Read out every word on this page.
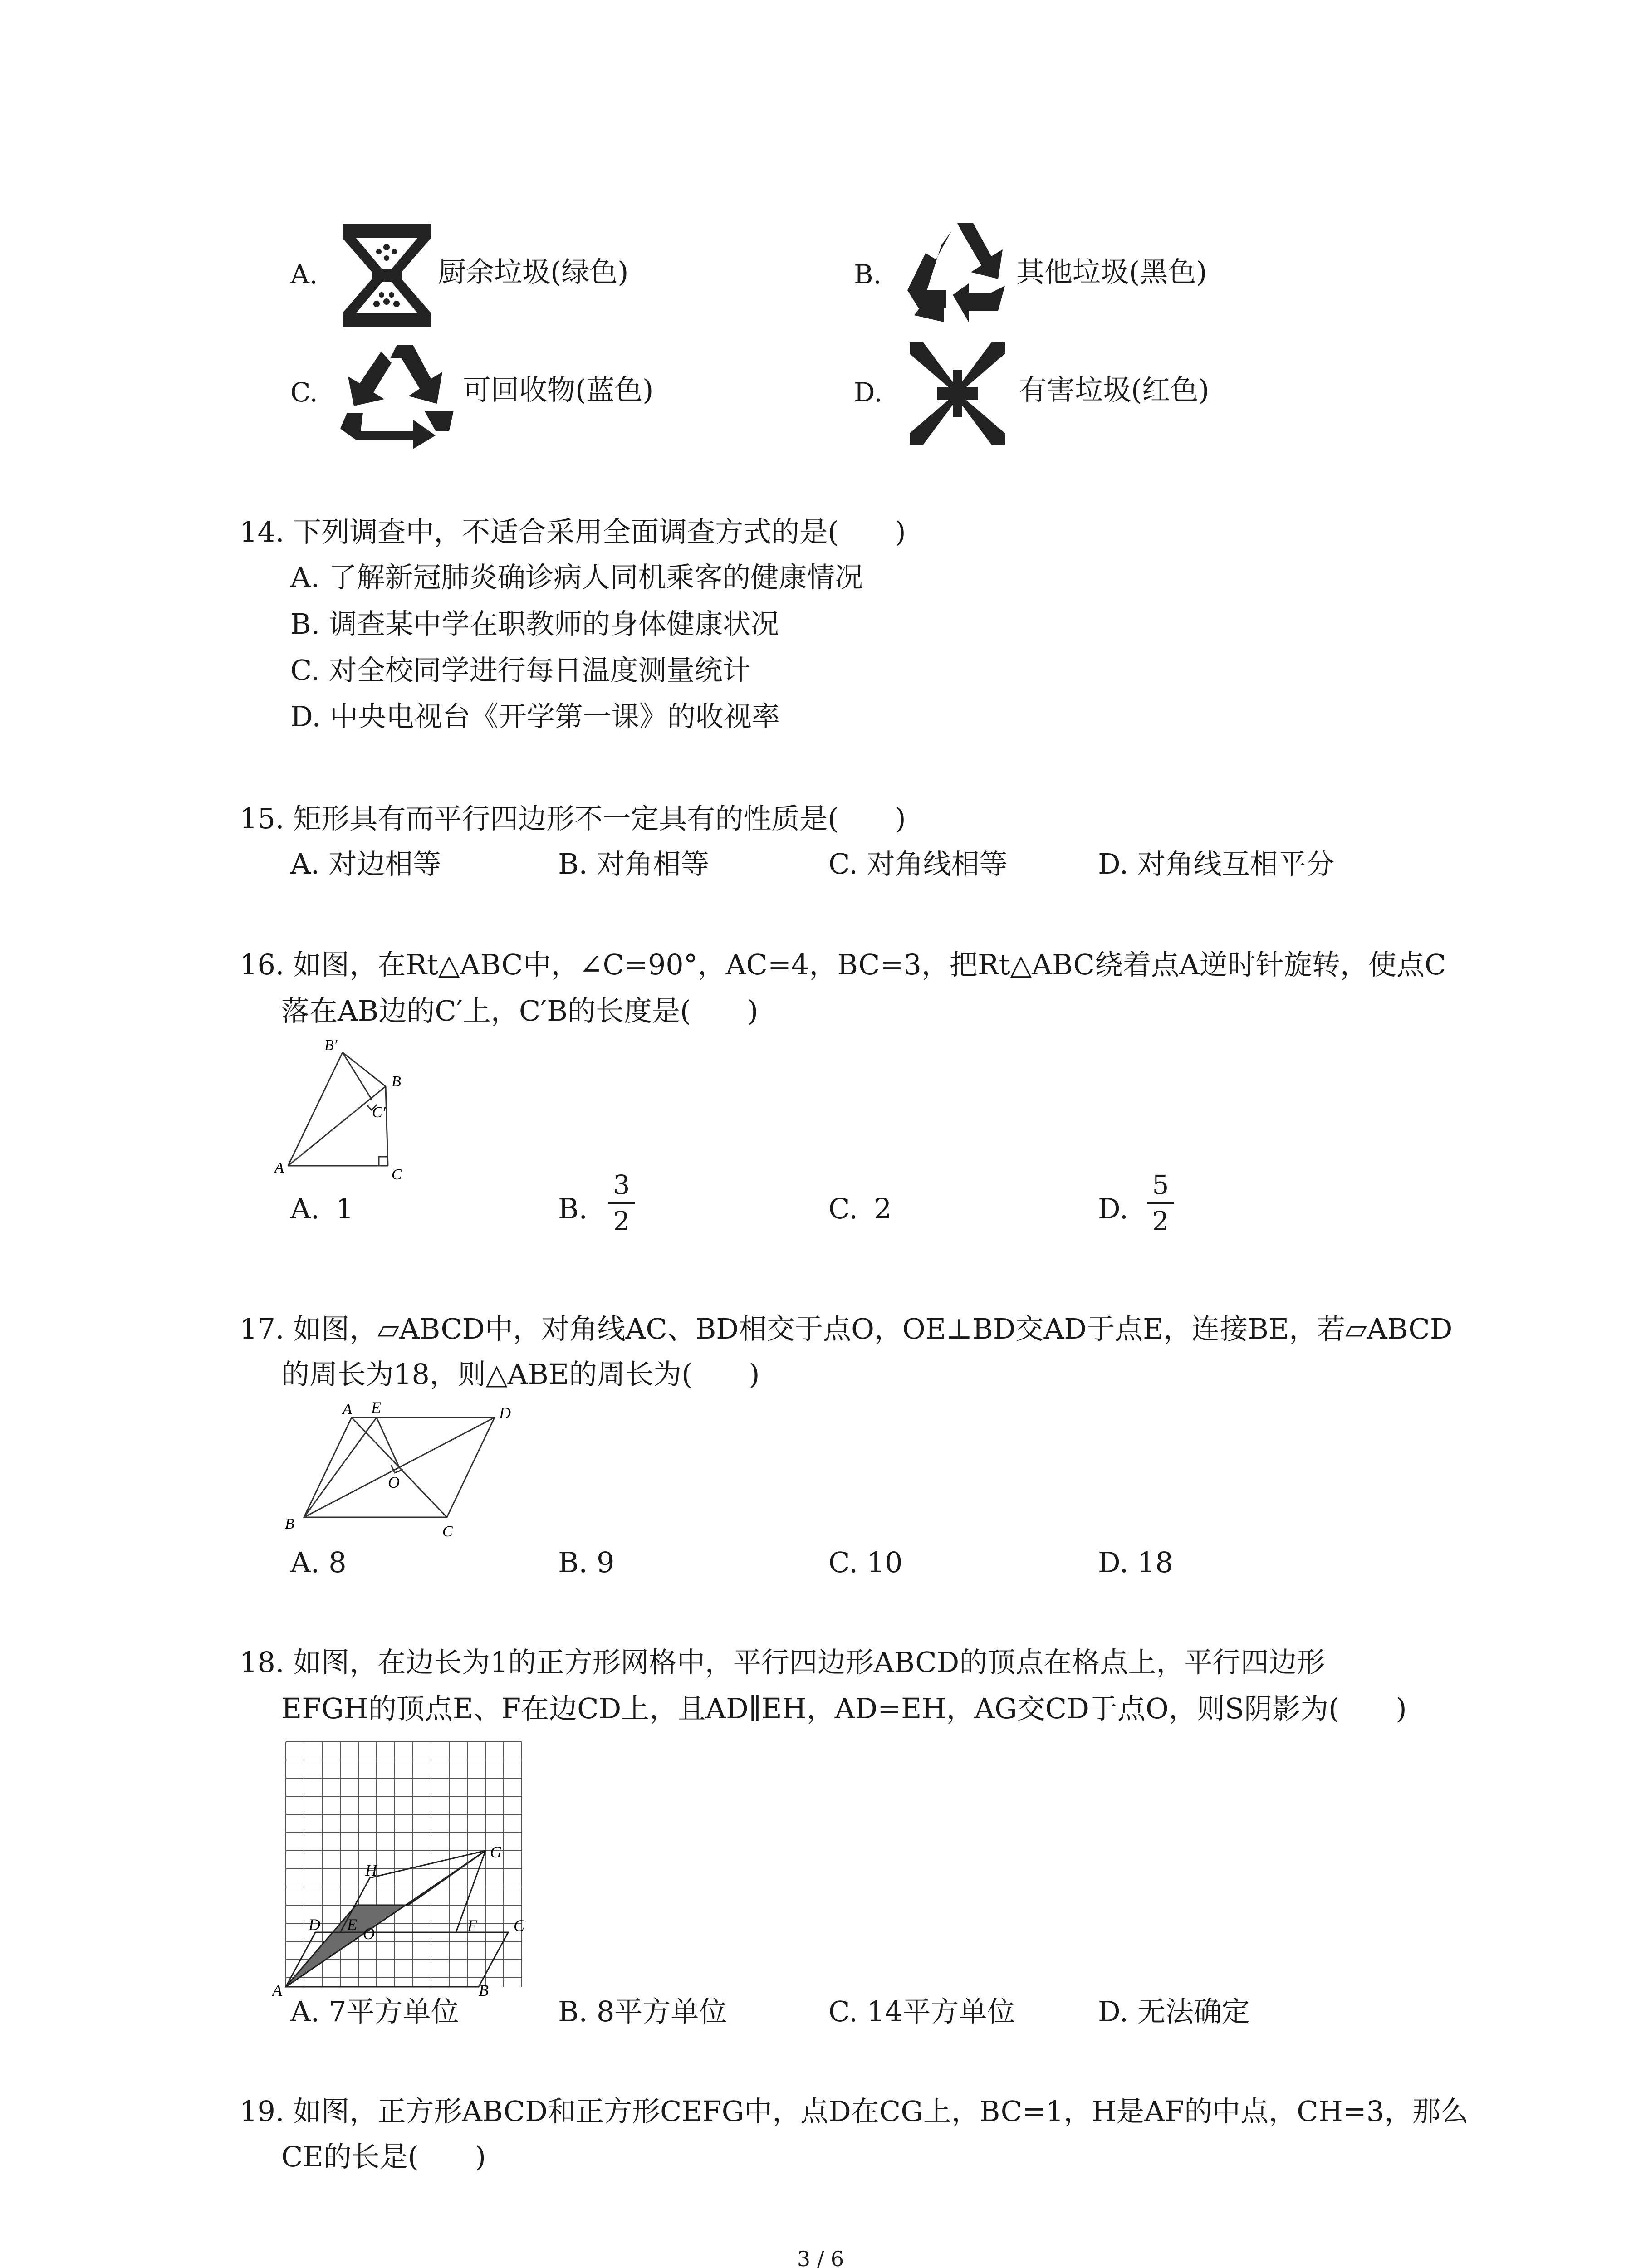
A.	厨余垃圾(绿色)	B.	其他垃圾(黑色)
C.	可回收物(蓝色)	D.	有害垃圾(红色)
14. 下列调查中，不适合采用全面调查方式的是(　　)
A. 了解新冠肺炎确诊病人同机乘客的健康情况
B. 调查某中学在职教师的身体健康状况
C. 对全校同学进行每日温度测量统计
D. 中央电视台《开学第一课》的收视率
15. 矩形具有而平行四边形不一定具有的性质是(　　)
A. 对边相等	B. 对角相等	C. 对角线相等	D. 对角线互相平分
16. 如图，在Rt△ABC中，∠C=90°，AC=4，BC=3，把Rt△ABC绕着点A逆时针旋转，使点C
落在AB边的C′上，C′B的长度是(　　)
B′
B
C′
A	C
A. 1	B.
3
2	C. 2	D.
5
2
17. 如图，▱ABCD中，对角线AC、BD相交于点O，OE⊥BD交AD于点E，连接BE，若▱ABCD
的周长为18，则△ABE的周长为(　　)
A E	D
O
B	C
A. 8	B. 9	C. 10	D. 18
18. 如图，在边长为1的正方形网格中，平行四边形ABCD的顶点在格点上，平行四边形
EFGH的顶点E、F在边CD上，且AD∥EH，AD=EH，AG交CD于点O，则S阴影为(　　)
H
G
D E O	F C
A	B
A. 7平方单位	B. 8平方单位	C. 14平方单位	D. 无法确定
19. 如图，正方形ABCD和正方形CEFG中，点D在CG上，BC=1，H是AF的中点，CH=3，那么
CE的长是(　　)
3 / 6
